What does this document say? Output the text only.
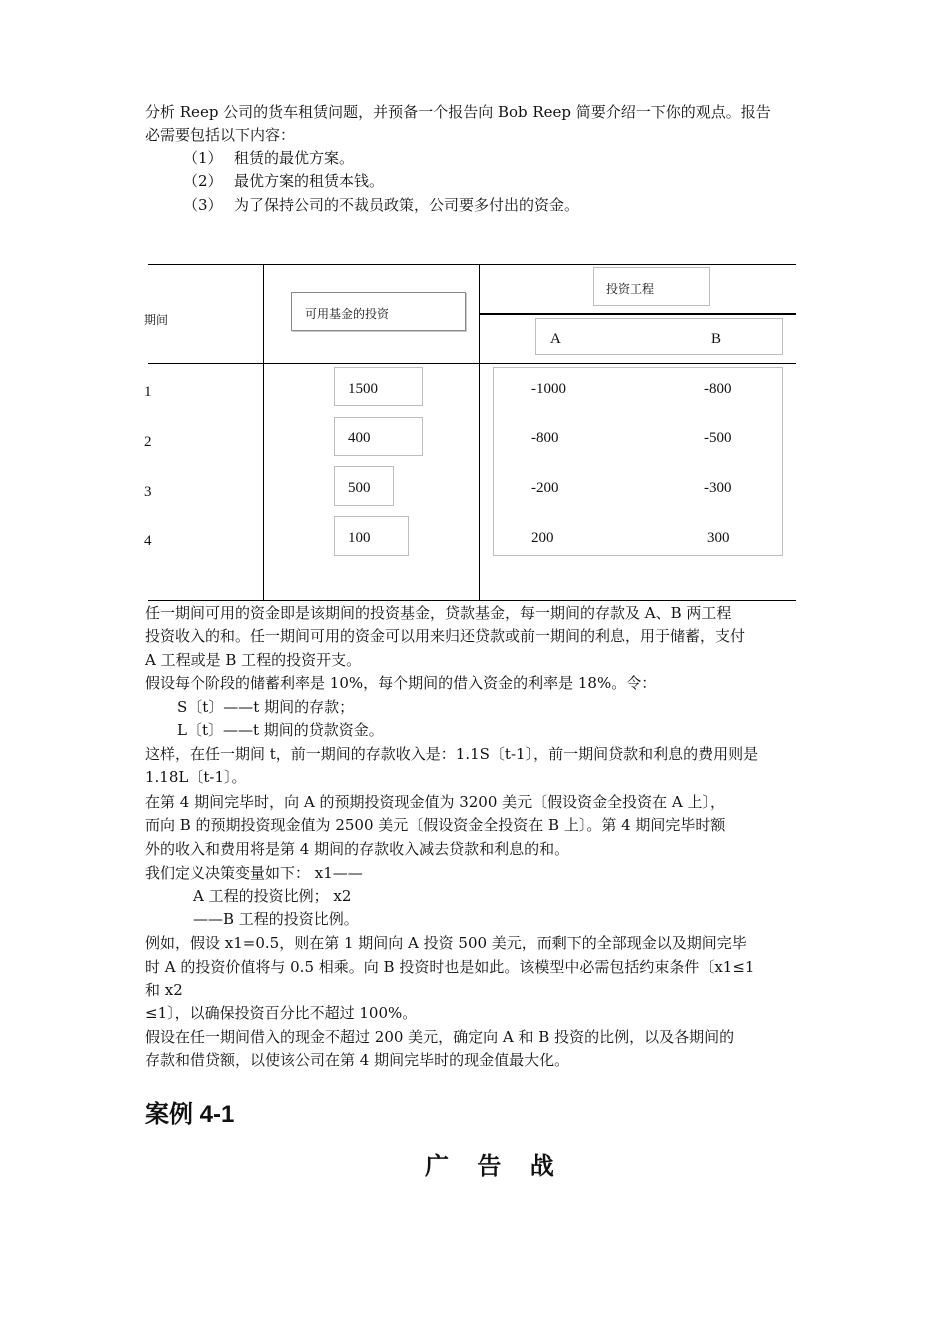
分析 Reep 公司的货车租赁问题，并预备一个报告向 Bob Reep 简要介绍一下你的观点。报告
必需要包括以下内容：
（1） 租赁的最优方案。
（2） 最优方案的租赁本钱。
（3） 为了保持公司的不裁员政策，公司要多付出的资金。
期间	可用基金的投资
投资工程
A	B
1	1500	-1000	-800
2	400	-800	-500
3	500	-200	-300
4	100	200	300
任一期间可用的资金即是该期间的投资基金，贷款基金，每一期间的存款及 A、B 两工程
投资收入的和。任一期间可用的资金可以用来归还贷款或前一期间的利息，用于储蓄，支付
A 工程或是 B 工程的投资开支。
假设每个阶段的储蓄利率是 10%，每个期间的借入资金的利率是 18%。令：
S〔t〕——t 期间的存款；
L〔t〕——t 期间的贷款资金。
这样，在任一期间 t，前一期间的存款收入是：1.1S〔t-1〕，前一期间贷款和利息的费用则是
1.18L〔t-1〕。
在第 4 期间完毕时，向 A 的预期投资现金值为 3200 美元〔假设资金全投资在 A 上〕，
而向 B 的预期投资现金值为 2500 美元〔假设资金全投资在 B 上〕。第 4 期间完毕时额
外的收入和费用将是第 4 期间的存款收入减去贷款和利息的和。
我们定义决策变量如下： x1——
A 工程的投资比例； x2
——B 工程的投资比例。
例如，假设 x1=0.5，则在第 1 期间向 A 投资 500 美元，而剩下的全部现金以及期间完毕
时 A 的投资价值将与 0.5 相乘。向 B 投资时也是如此。该模型中必需包括约束条件〔x1≤1
和 x2
≤1〕，以确保投资百分比不超过 100%。
假设在任一期间借入的现金不超过 200 美元，确定向 A 和 B 投资的比例，以及各期间的
存款和借贷额，以使该公司在第 4 期间完毕时的现金值最大化。
案例 4-1
广 告 战
